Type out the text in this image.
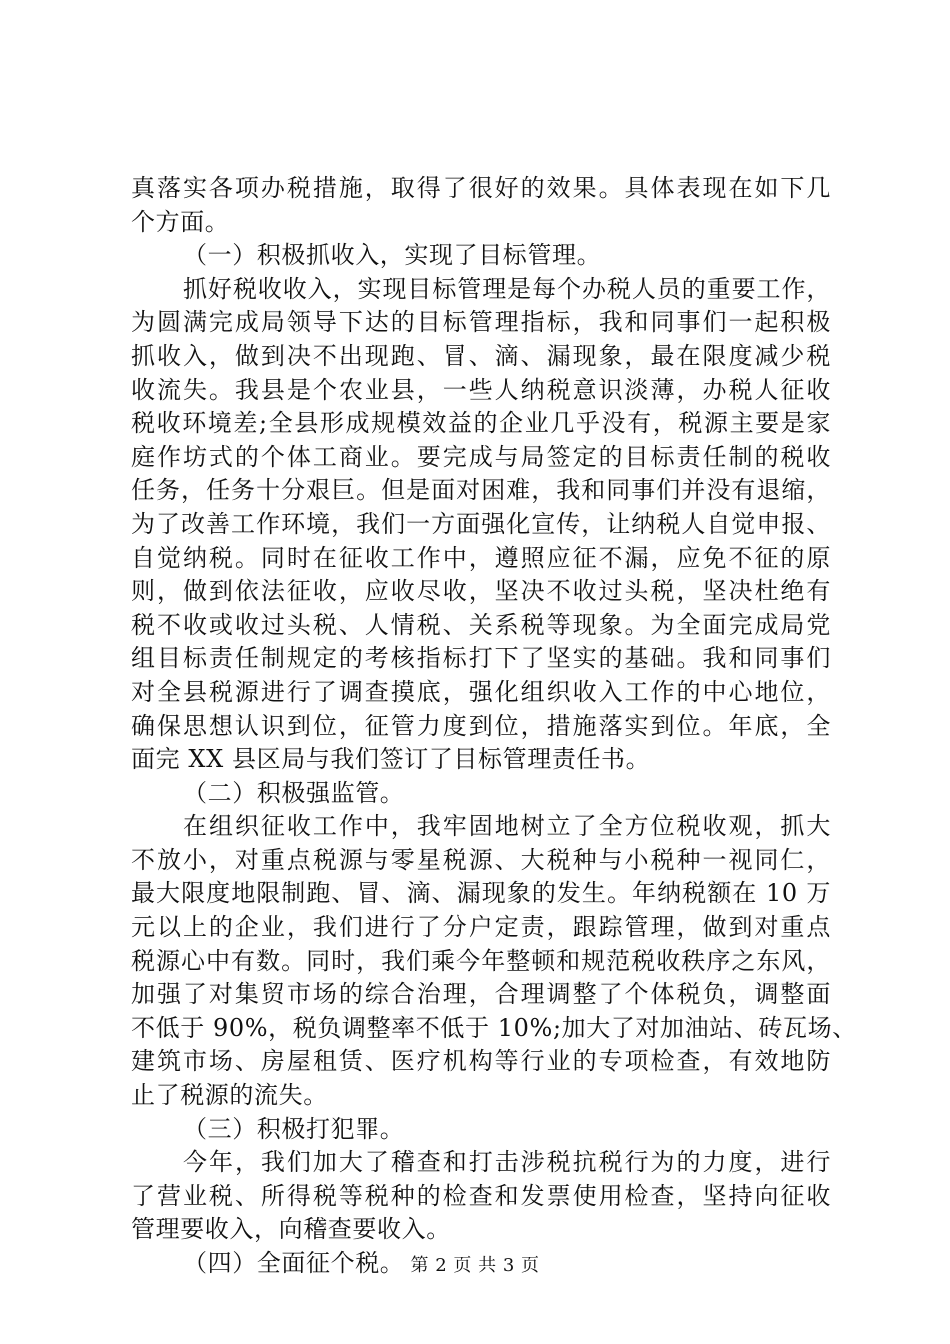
真落实各项办税措施，取得了很好的效果。具体表现在如下几
个方面。
（一）积极抓收入，实现了目标管理。
抓好税收收入，实现目标管理是每个办税人员的重要工作，
为圆满完成局领导下达的目标管理指标，我和同事们一起积极
抓收入，做到决不出现跑、冒、滴、漏现象，最在限度减少税
收流失。我县是个农业县，一些人纳税意识淡薄，办税人征收
税收环境差;全县形成规模效益的企业几乎没有，税源主要是家
庭作坊式的个体工商业。要完成与局签定的目标责任制的税收
任务，任务十分艰巨。但是面对困难，我和同事们并没有退缩，
为了改善工作环境，我们一方面强化宣传，让纳税人自觉申报、
自觉纳税。同时在征收工作中，遵照应征不漏，应免不征的原
则，做到依法征收，应收尽收，坚决不收过头税，坚决杜绝有
税不收或收过头税、人情税、关系税等现象。为全面完成局党
组目标责任制规定的考核指标打下了坚实的基础。我和同事们
对全县税源进行了调查摸底，强化组织收入工作的中心地位，
确保思想认识到位，征管力度到位，措施落实到位。年底，全
面完 XX 县区局与我们签订了目标管理责任书。
（二）积极强监管。
在组织征收工作中，我牢固地树立了全方位税收观，抓大
不放小，对重点税源与零星税源、大税种与小税种一视同仁，
最大限度地限制跑、冒、滴、漏现象的发生。年纳税额在 10 万
元以上的企业，我们进行了分户定责，跟踪管理，做到对重点
税源心中有数。同时，我们乘今年整顿和规范税收秩序之东风，
加强了对集贸市场的综合治理，合理调整了个体税负，调整面
不低于 90%，税负调整率不低于 10%;加大了对加油站、砖瓦场、
建筑市场、房屋租赁、医疗机构等行业的专项检查，有效地防
止了税源的流失。
（三）积极打犯罪。
今年，我们加大了稽查和打击涉税抗税行为的力度，进行
了营业税、所得税等税种的检查和发票使用检查，坚持向征收
管理要收入，向稽查要收入。
（四）全面征个税。 第 2 页 共 3 页
